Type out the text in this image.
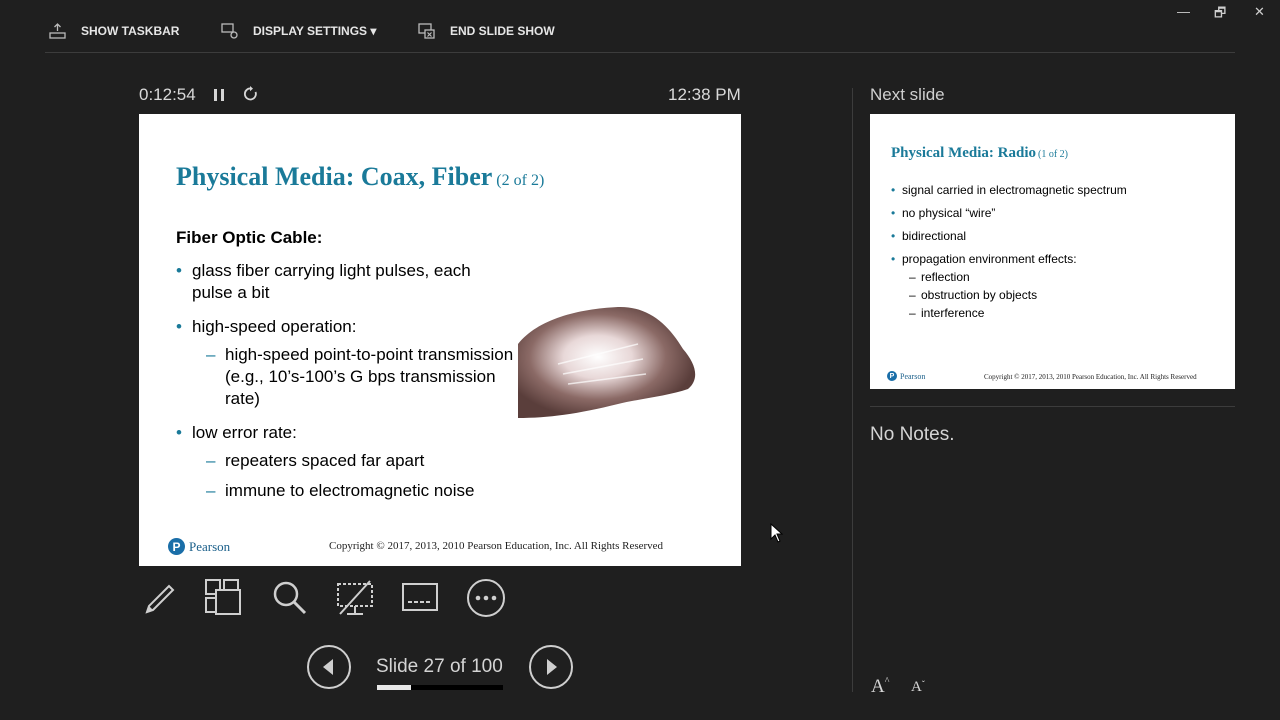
— 🗗 ✕
SHOW TASKBAR	DISPLAY SETTINGS ▾	END SLIDE SHOW
0:12:54	12:38 PM
Physical Media: Coax, Fiber (2 of 2)
Fiber Optic Cable:
• glass fiber carrying light pulses, each pulse a bit
• high-speed operation:
– high-speed point-to-point transmission (e.g., 10’s-100’s G bps transmission rate)
• low error rate:
– repeaters spaced far apart
– immune to electromagnetic noise
P Pearson	Copyright © 2017, 2013, 2010 Pearson Education, Inc. All Rights Reserved
Slide 27 of 100
Next slide
Physical Media: Radio (1 of 2)
• signal carried in electromagnetic spectrum
• no physical “wire”
• bidirectional
• propagation environment effects:
– reflection
– obstruction by objects
– interference
P Pearson	Copyright © 2017, 2013, 2010 Pearson Education, Inc. All Rights Reserved
No Notes.
A^ $A^ˇ$
